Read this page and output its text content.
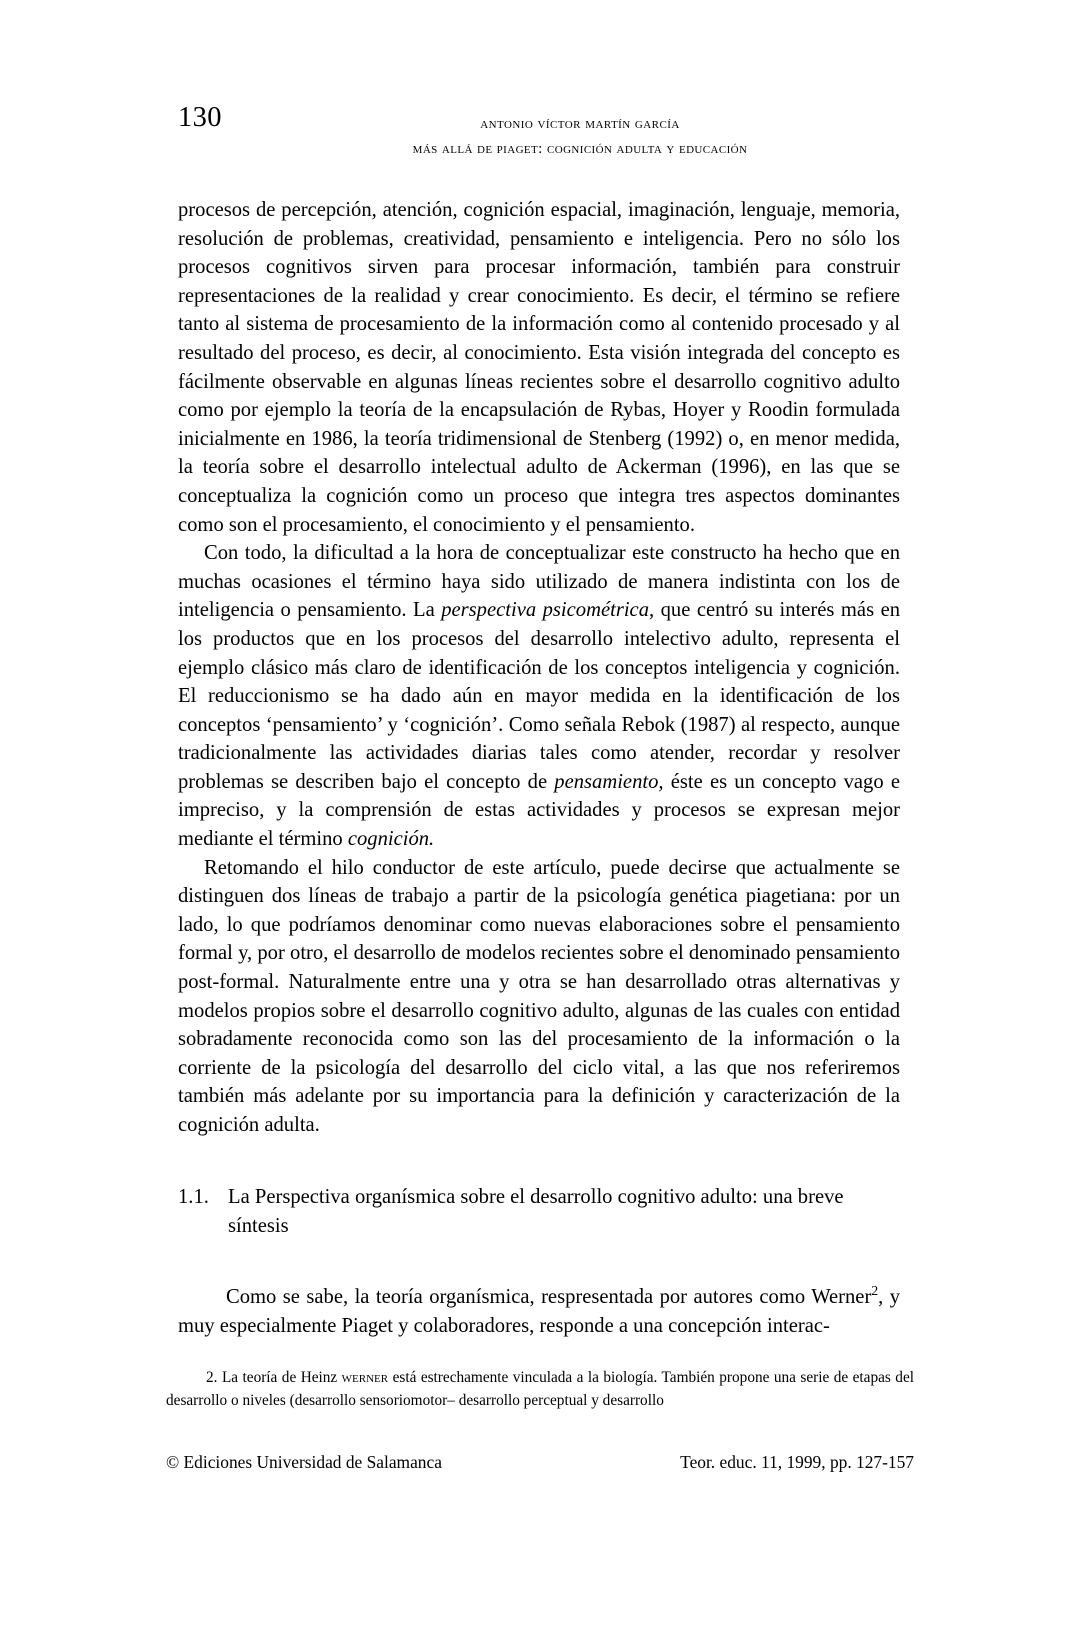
130	antonio víctor martín garcía
más allá de piaget: cognición adulta y educación

procesos de percepción, atención, cognición espacial, imaginación, lenguaje, memoria, resolución de problemas, creatividad, pensamiento e inteligencia. Pero no sólo los procesos cognitivos sirven para procesar información, también para construir representaciones de la realidad y crear conocimiento. Es decir, el término se refiere tanto al sistema de procesamiento de la información como al contenido procesado y al resultado del proceso, es decir, al conocimiento. Esta visión integrada del concepto es fácilmente observable en algunas líneas recientes sobre el desarrollo cognitivo adulto como por ejemplo la teoría de la encapsulación de Rybas, Hoyer y Roodin formulada inicialmente en 1986, la teoría tridimensional de Stenberg (1992) o, en menor medida, la teoría sobre el desarrollo intelectual adulto de Ackerman (1996), en las que se conceptualiza la cognición como un proceso que integra tres aspectos dominantes como son el procesamiento, el conocimiento y el pensamiento.

Con todo, la dificultad a la hora de conceptualizar este constructo ha hecho que en muchas ocasiones el término haya sido utilizado de manera indistinta con los de inteligencia o pensamiento. La perspectiva psicométrica, que centró su interés más en los productos que en los procesos del desarrollo intelectivo adulto, representa el ejemplo clásico más claro de identificación de los conceptos inteligencia y cognición. El reduccionismo se ha dado aún en mayor medida en la identificación de los conceptos ‘pensamiento’ y ‘cognición’. Como señala Rebok (1987) al respecto, aunque tradicionalmente las actividades diarias tales como atender, recordar y resolver problemas se describen bajo el concepto de pensamiento, éste es un concepto vago e impreciso, y la comprensión de estas actividades y procesos se expresan mejor mediante el término cognición.

Retomando el hilo conductor de este artículo, puede decirse que actualmente se distinguen dos líneas de trabajo a partir de la psicología genética piagetiana: por un lado, lo que podríamos denominar como nuevas elaboraciones sobre el pensamiento formal y, por otro, el desarrollo de modelos recientes sobre el denominado pensamiento post-formal. Naturalmente entre una y otra se han desarrollado otras alternativas y modelos propios sobre el desarrollo cognitivo adulto, algunas de las cuales con entidad sobradamente reconocida como son las del procesamiento de la información o la corriente de la psicología del desarrollo del ciclo vital, a las que nos referiremos también más adelante por su importancia para la definición y caracterización de la cognición adulta.

1.1. La Perspectiva organísmica sobre el desarrollo cognitivo adulto: una breve
síntesis

Como se sabe, la teoría organísmica, respresentada por autores como Werner$^2$, y muy especialmente Piaget y colaboradores, responde a una concepción interac-

2. La teoría de Heinz werner está estrechamente vinculada a la biología. También propone una serie de etapas del desarrollo o niveles (desarrollo sensoriomotor– desarrollo perceptual y desarrollo

© Ediciones Universidad de Salamanca	Teor. educ. 11, 1999, pp. 127-157
